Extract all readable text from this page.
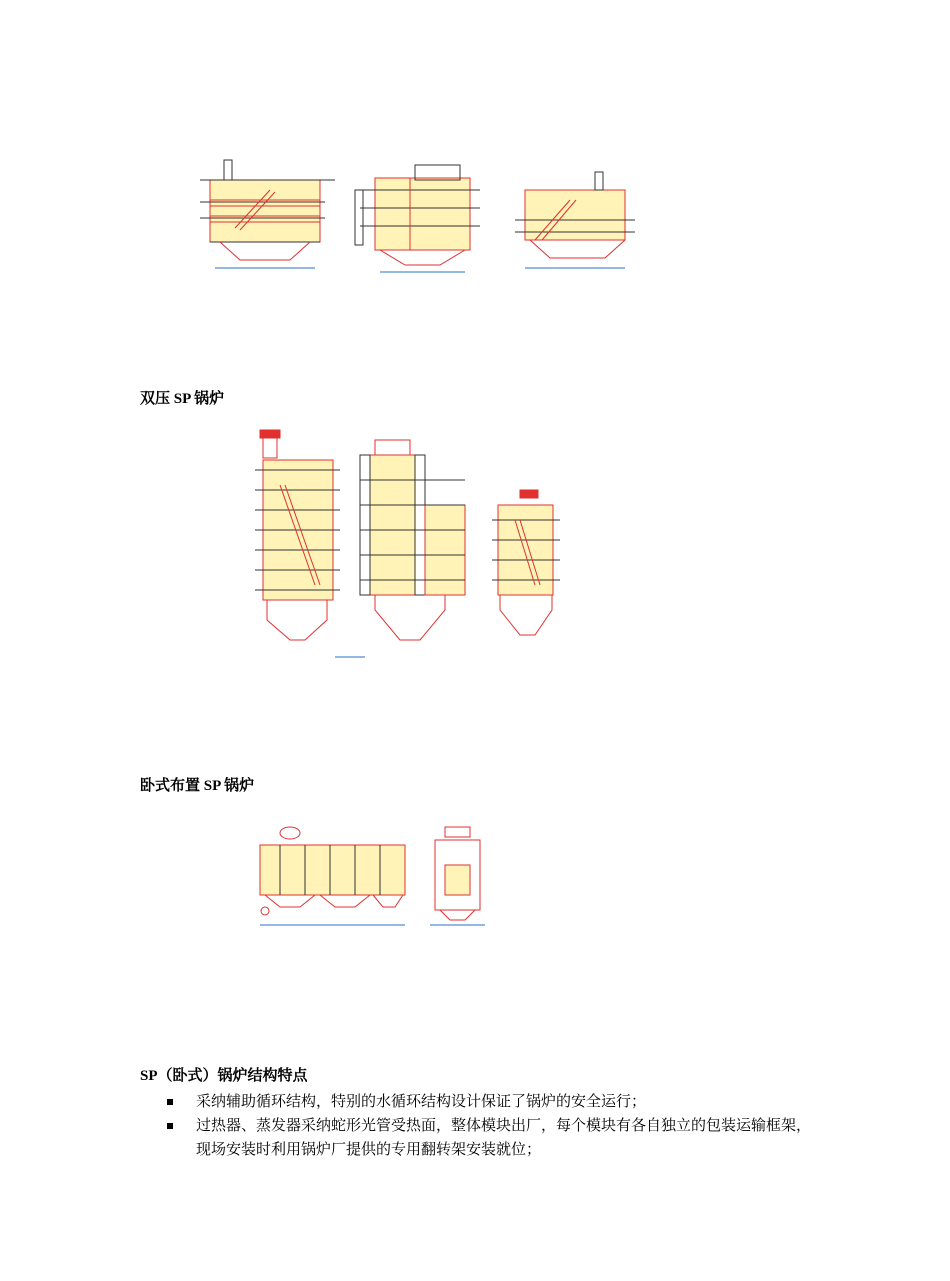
双压 SP 锅炉
卧式布置 SP 锅炉
SP（卧式）锅炉结构特点
采纳辅助循环结构，特别的水循环结构设计保证了锅炉的安全运行；
过热器、蒸发器采纳蛇形光管受热面，整体模块出厂，每个模块有各自独立的包装运输框架，现场安装时利用锅炉厂提供的专用翻转架安装就位；
